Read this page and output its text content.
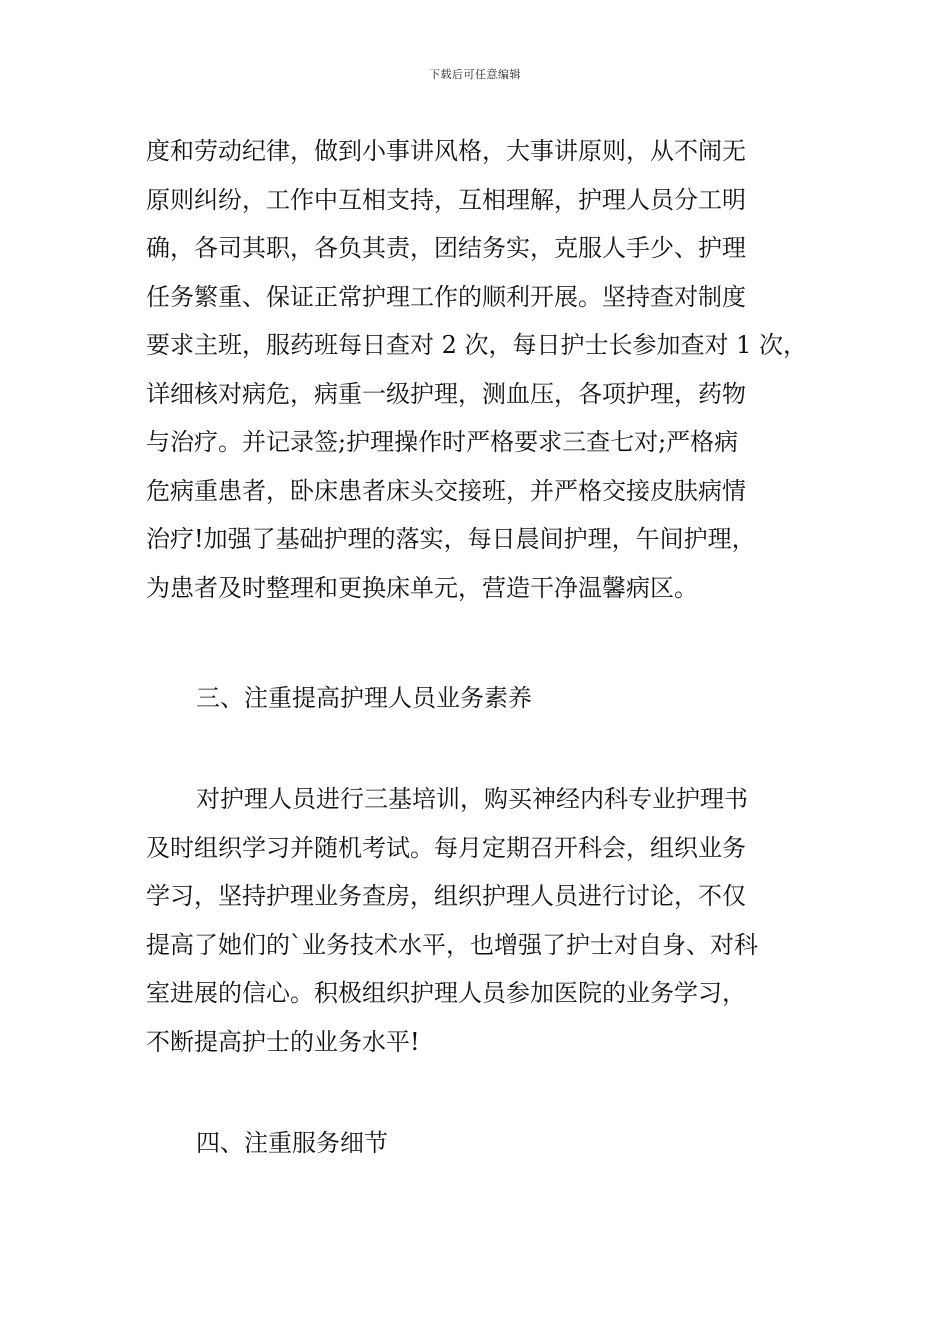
下载后可任意编辑
度和劳动纪律，做到小事讲风格，大事讲原则，从不闹无
原则纠纷，工作中互相支持，互相理解，护理人员分工明
确，各司其职，各负其责，团结务实，克服人手少、护理
任务繁重、保证正常护理工作的顺利开展。坚持查对制度
要求主班，服药班每日查对 2 次，每日护士长参加查对 1 次，
详细核对病危，病重一级护理，测血压，各项护理，药物
与治疗。并记录签;护理操作时严格要求三查七对;严格病
危病重患者，卧床患者床头交接班，并严格交接皮肤病情
治疗!加强了基础护理的落实，每日晨间护理，午间护理，
为患者及时整理和更换床单元，营造干净温馨病区。
三、注重提高护理人员业务素养
对护理人员进行三基培训，购买神经内科专业护理书
及时组织学习并随机考试。每月定期召开科会，组织业务
学习，坚持护理业务查房，组织护理人员进行讨论，不仅
提高了她们的`业务技术水平，也增强了护士对自身、对科
室进展的信心。积极组织护理人员参加医院的业务学习，
不断提高护士的业务水平!
四、注重服务细节
